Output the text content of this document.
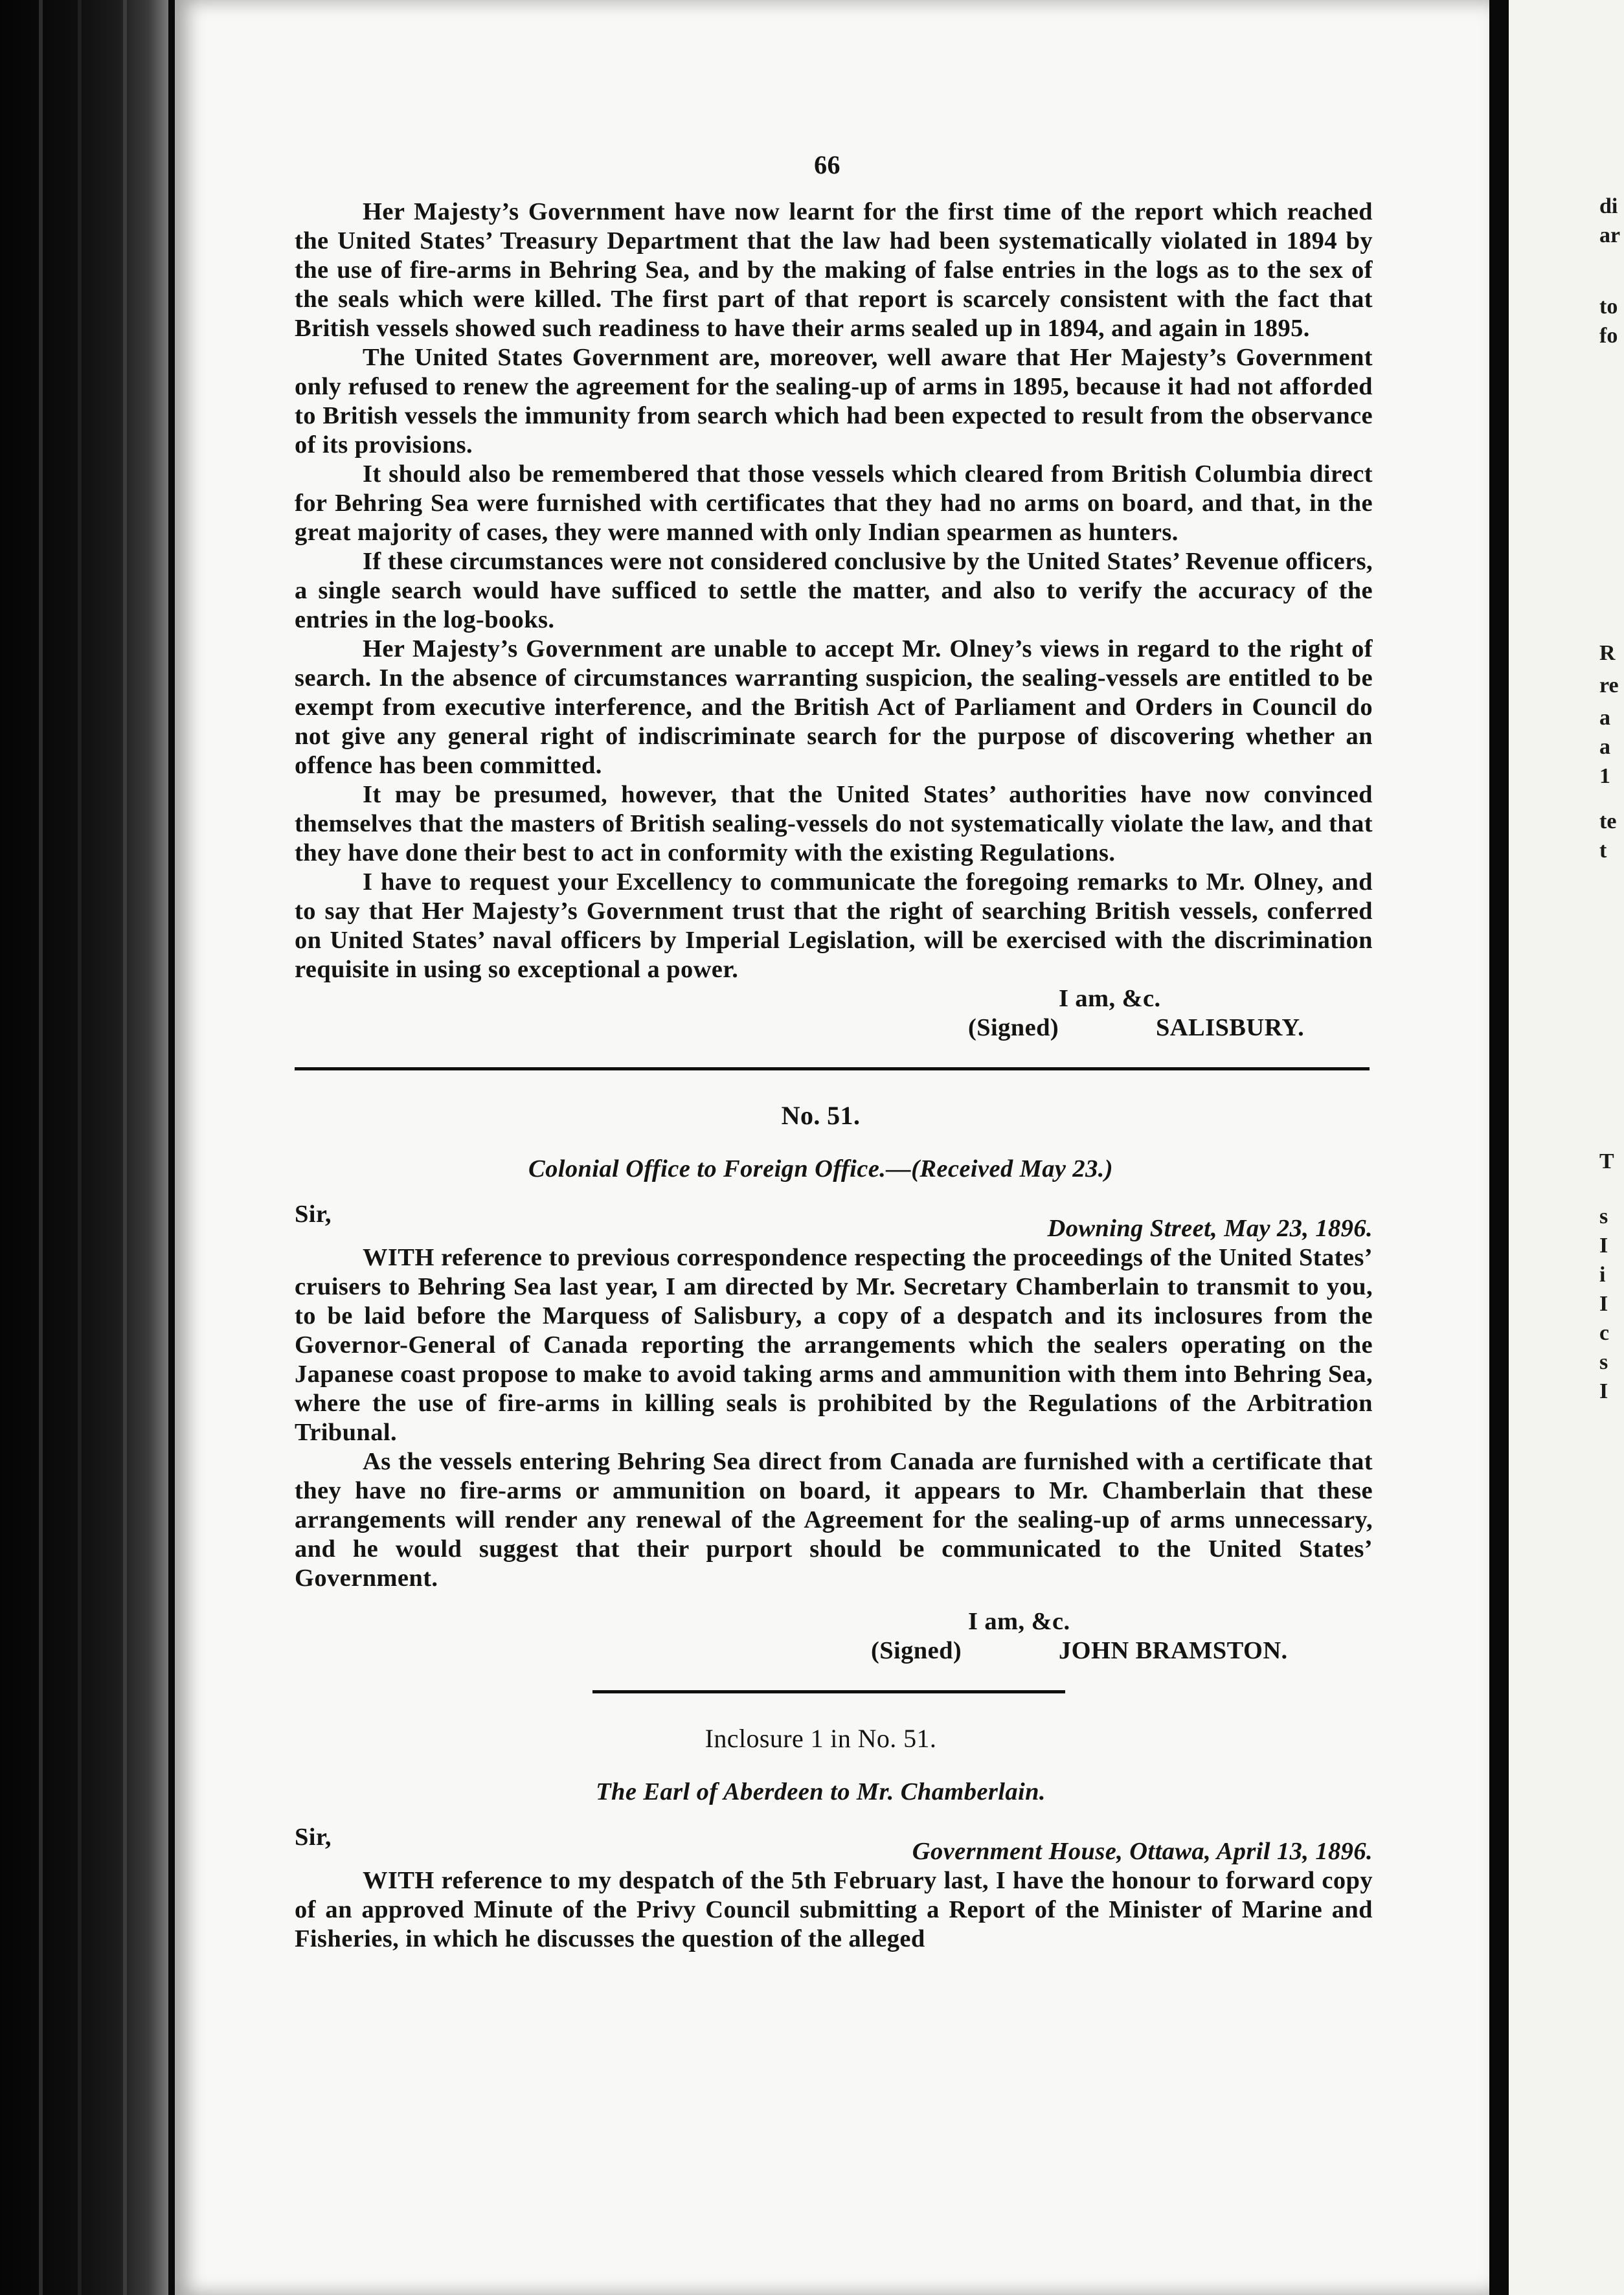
di
ar
to
fo
R
re
a
a
1
te
t
T
s
I
i
I
c
s
I
66

Her Majesty’s Government have now learnt for the first time of the report which reached the United States’ Treasury Department that the law had been systematically violated in 1894 by the use of fire-arms in Behring Sea, and by the making of false entries in the logs as to the sex of the seals which were killed. The first part of that report is scarcely consistent with the fact that British vessels showed such readiness to have their arms sealed up in 1894, and again in 1895.

The United States Government are, moreover, well aware that Her Majesty’s Government only refused to renew the agreement for the sealing-up of arms in 1895, because it had not afforded to British vessels the immunity from search which had been expected to result from the observance of its provisions.

It should also be remembered that those vessels which cleared from British Columbia direct for Behring Sea were furnished with certificates that they had no arms on board, and that, in the great majority of cases, they were manned with only Indian spearmen as hunters.

If these circumstances were not considered conclusive by the United States’ Revenue officers, a single search would have sufficed to settle the matter, and also to verify the accuracy of the entries in the log-books.

Her Majesty’s Government are unable to accept Mr. Olney’s views in regard to the right of search. In the absence of circumstances warranting suspicion, the sealing-vessels are entitled to be exempt from executive interference, and the British Act of Parliament and Orders in Council do not give any general right of indiscriminate search for the purpose of discovering whether an offence has been committed.

It may be presumed, however, that the United States’ authorities have now convinced themselves that the masters of British sealing-vessels do not systematically violate the law, and that they have done their best to act in conformity with the existing Regulations.

I have to request your Excellency to communicate the foregoing remarks to Mr. Olney, and to say that Her Majesty’s Government trust that the right of searching British vessels, conferred on United States’ naval officers by Imperial Legislation, will be exercised with the discrimination requisite in using so exceptional a power.

I am, &c.
(Signed)	SALISBURY.
No. 51.
Colonial Office to Foreign Office.—(Received May 23.)
Sir,
Downing Street, May 23, 1896.

WITH reference to previous correspondence respecting the proceedings of the United States’ cruisers to Behring Sea last year, I am directed by Mr. Secretary Chamberlain to transmit to you, to be laid before the Marquess of Salisbury, a copy of a despatch and its inclosures from the Governor-General of Canada reporting the arrangements which the sealers operating on the Japanese coast propose to make to avoid taking arms and ammunition with them into Behring Sea, where the use of fire-arms in killing seals is prohibited by the Regulations of the Arbitration Tribunal.

As the vessels entering Behring Sea direct from Canada are furnished with a certificate that they have no fire-arms or ammunition on board, it appears to Mr. Chamberlain that these arrangements will render any renewal of the Agreement for the sealing-up of arms unnecessary, and he would suggest that their purport should be communicated to the United States’ Government.

I am, &c.
(Signed)	JOHN BRAMSTON.
Inclosure 1 in No. 51.
The Earl of Aberdeen to Mr. Chamberlain.
Sir,
Government House, Ottawa, April 13, 1896.

WITH reference to my despatch of the 5th February last, I have the honour to forward copy of an approved Minute of the Privy Council submitting a Report of the Minister of Marine and Fisheries, in which he discusses the question of the alleged
